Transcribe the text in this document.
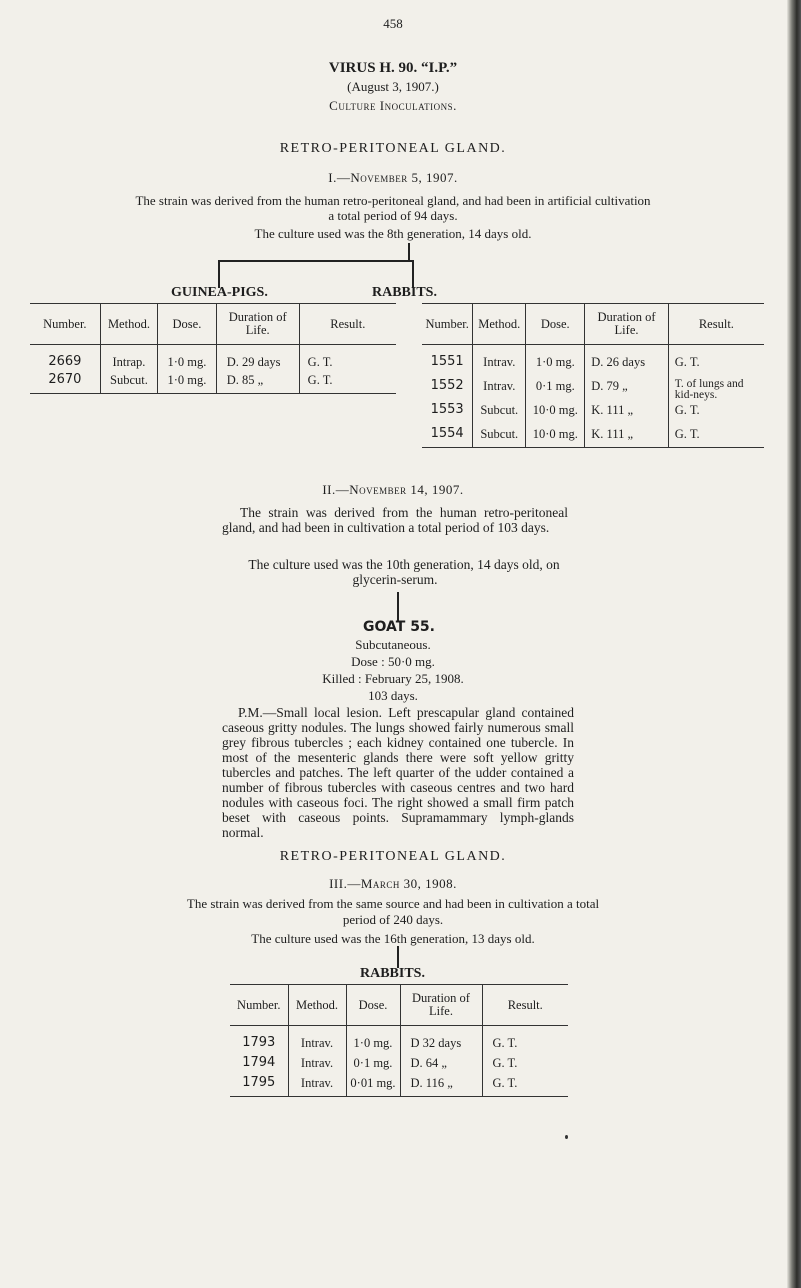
458
VIRUS H. 90. “I.P.”
(August 3, 1907.)
Culture Inoculations.
RETRO-PERITONEAL GLAND.
I.—November 5, 1907.
The strain was derived from the human retro-peritoneal gland, and had been in artificial cultivation
a total period of 94 days.
The culture used was the 8th generation, 14 days old.
GUINEA-PIGS.	RABBITS.
Number.	Method.	Dose.	Duration of Life.	Result.
2669	Intrap.	1·0 mg.	D. 29 days	G. T.
2670	Subcut.	1·0 mg.	D. 85 „	G. T.
Number.	Method.	Dose.	Duration of Life.	Result.
1551	Intrav.	1·0 mg.	D. 26 days	G. T.
1552	Intrav.	0·1 mg.	D. 79 „	T. of lungs and kid-neys.
1553	Subcut.	10·0 mg.	K. 111 „	G. T.
1554	Subcut.	10·0 mg.	K. 111 „	G. T.
II.—November 14, 1907.

The strain was derived from the human retro-peritoneal gland, and had been in cultivation a total period of 103 days.

The culture used was the 10th generation, 14 days old, on glycerin-serum.

GOAT 55.
Subcutaneous.
Dose : 50·0 mg.
Killed : February 25, 1908.
103 days.

P.M.—Small local lesion. Left prescapular gland contained caseous gritty nodules. The lungs showed fairly numerous small grey fibrous tubercles ; each kidney contained one tubercle. In most of the mesenteric glands there were soft yellow gritty tubercles and patches. The left quarter of the udder contained a number of fibrous tubercles with caseous centres and two hard nodules with caseous foci. The right showed a small firm patch beset with caseous points. Supramammary lymph-glands normal.

RETRO-PERITONEAL GLAND.
III.—March 30, 1908.
The strain was derived from the same source and had been in cultivation a total
period of 240 days.
The culture used was the 16th generation, 13 days old.
RABBITS.
Number.	Method.	Dose.	Duration of Life.	Result.
1793	Intrav.	1·0 mg.	D 32 days	G. T.
1794	Intrav.	0·1 mg.	D. 64 „	G. T.
1795	Intrav.	0·01 mg.	D. 116 „	G. T.
